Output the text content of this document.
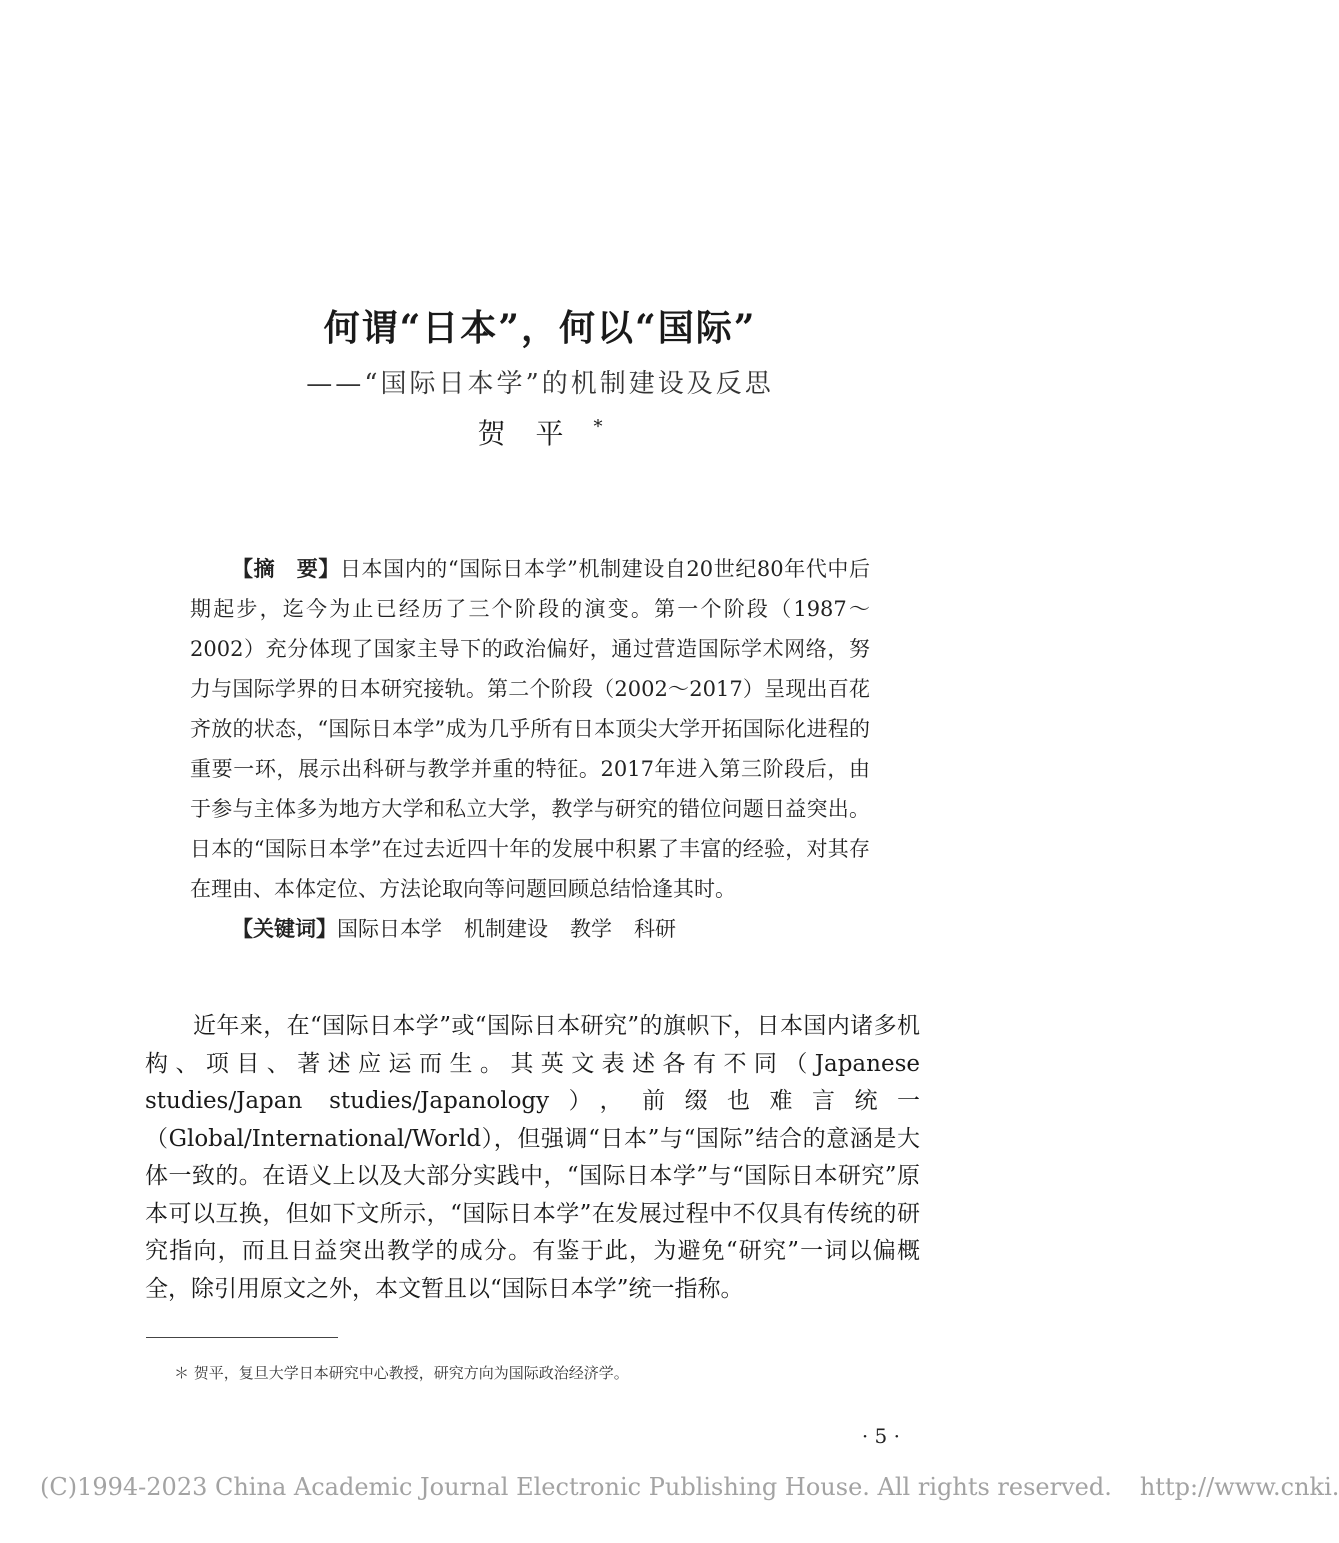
何谓“日本”，何以“国际”
——“国际日本学”的机制建设及反思
贺平*

【摘　要】日本国内的“国际日本学”机制建设自20世纪80年代中后期起步，迄今为止已经历了三个阶段的演变。第一个阶段（1987～2002）充分体现了国家主导下的政治偏好，通过营造国际学术网络，努力与国际学界的日本研究接轨。第二个阶段（2002～2017）呈现出百花齐放的状态，“国际日本学”成为几乎所有日本顶尖大学开拓国际化进程的重要一环，展示出科研与教学并重的特征。2017年进入第三阶段后，由于参与主体多为地方大学和私立大学，教学与研究的错位问题日益突出。日本的“国际日本学”在过去近四十年的发展中积累了丰富的经验，对其存在理由、本体定位、方法论取向等问题回顾总结恰逢其时。

【关键词】国际日本学 机制建设 教学 科研

近年来，在“国际日本学”或“国际日本研究”的旗帜下，日本国内诸多机构、项目、著述应运而生。其英文表述各有不同（Japanese studies/Japan studies/Japanology），前缀也难言统一（Global/International/World），但强调“日本”与“国际”结合的意涵是大体一致的。在语义上以及大部分实践中，“国际日本学”与“国际日本研究”原本可以互换，但如下文所示，“国际日本学”在发展过程中不仅具有传统的研究指向，而且日益突出教学的成分。有鉴于此，为避免“研究”一词以偏概全，除引用原文之外，本文暂且以“国际日本学”统一指称。

＊ 贺平，复旦大学日本研究中心教授，研究方向为国际政治经济学。
· 5 ·
(C)1994-2023 China Academic Journal Electronic Publishing House. All rights reserved. http://www.cnki.
